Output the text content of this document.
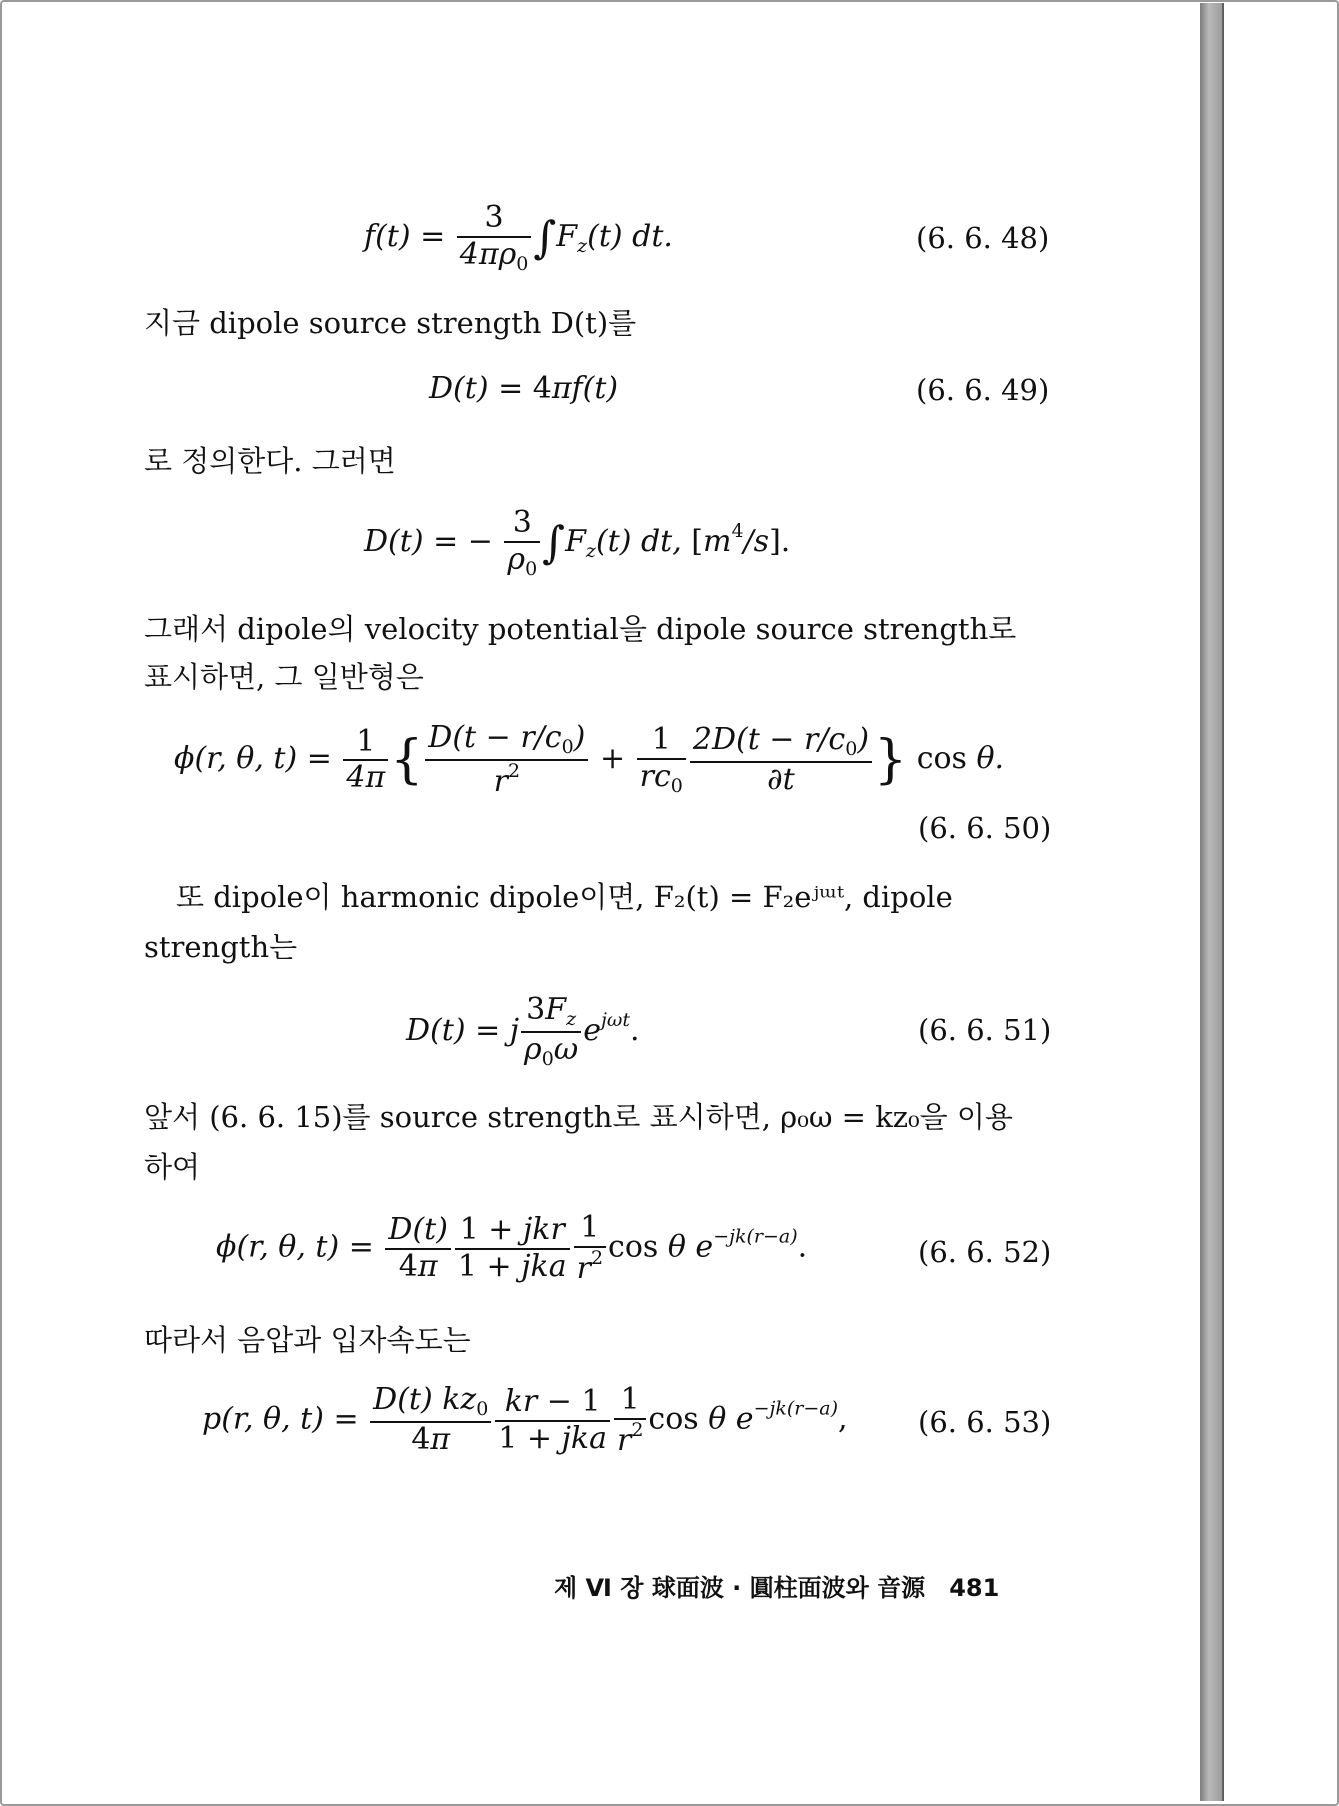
$f(t) = \frac{3}{4\pi\rho_0} \int F_z(t)$ dt.	(6. 6. 48)
지금 dipole source strength D(t)를
D(t) = 4πf(t)	(6. 6. 49)
로 정의한다. 그러면
D(t) = − $\frac{3}{\rho_0} \int F_z(t)$ dt, $[m^4/s]$.
그래서 dipole의 velocity potential을 dipole source strength로
표시하면, 그 일반형은
ϕ(r, θ, $t) = \frac{1}{4\pi}$ { $\frac{D(t - r/c_0)}{r^2} + \frac{1}{rc_0} \frac{2D(t - r/c_0)}{\partial t}$ } cos θ.
(6. 6. 50)
또 dipole이 harmonic dipole이면, F₂(t) = F₂eʲᵚᵗ, dipole
strength는
D(t) = j $\frac{3F_z}{\rho_0\omega} e^{j\omega t}$.	(6. 6. 51)
앞서 (6. 6. 15)를 source strength로 표시하면, ρ₀ω = kz₀을 이용
하여
ϕ(r, θ, $t) = \frac{D(t)}{4\pi} \frac{\text{1 + jkr}}{\text{1 + jka}} \frac{1}{r^2}$ cos θ $e^{-jk(r-a)}$.	(6. 6. 52)
따라서 음압과 입자속도는
p(r, θ, $t) = \frac{D(t) kz_0}{4\pi} \frac{kr - 1}{\text{1 + jka}} \frac{1}{r^2}$ cos θ $e^{-jk(r-a)}$, (6. 6. 53)
제 Ⅵ 장 球面波 · 圓柱面波와 音源 481
